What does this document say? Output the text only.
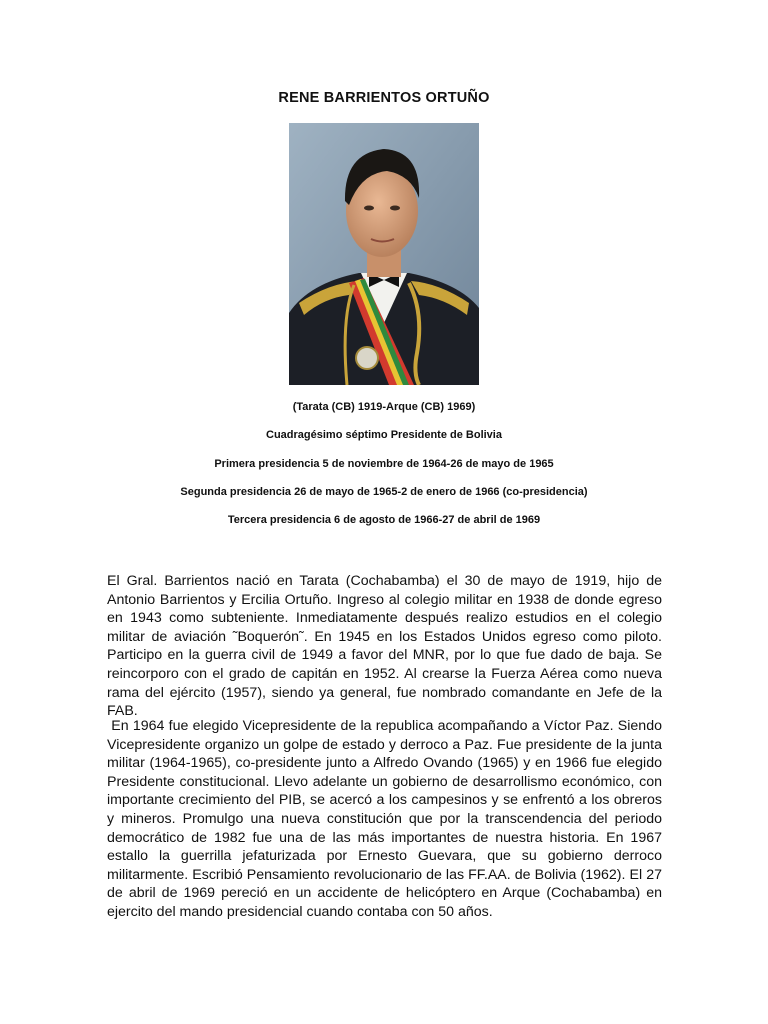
RENE BARRIENTOS ORTUÑO
(Tarata (CB) 1919-Arque (CB) 1969)
Cuadragésimo séptimo Presidente de Bolivia
Primera presidencia 5 de noviembre de 1964-26 de mayo de 1965
Segunda presidencia 26 de mayo de 1965-2 de enero de 1966 (co-presidencia)
Tercera presidencia 6 de agosto de 1966-27 de abril de 1969

El Gral. Barrientos nació en Tarata (Cochabamba) el 30 de mayo de 1919, hijo de Antonio Barrientos y Ercilia Ortuño. Ingreso al colegio militar en 1938 de donde egreso en 1943 como subteniente. Inmediatamente después realizo estudios en el colegio militar de aviación ˜Boquerón˜. En 1945 en los Estados Unidos egreso como piloto. Participo en la guerra civil de 1949 a favor del MNR, por lo que fue dado de baja. Se reincorporo con el grado de capitán en 1952. Al crearse la Fuerza Aérea como nueva rama del ejército (1957), siendo ya general, fue nombrado comandante en Jefe de la FAB.

En 1964 fue elegido Vicepresidente de la republica acompañando a Víctor Paz. Siendo Vicepresidente organizo un golpe de estado y derroco a Paz. Fue presidente de la junta militar (1964-1965), co-presidente junto a Alfredo Ovando (1965) y en 1966 fue elegido Presidente constitucional. Llevo adelante un gobierno de desarrollismo económico, con importante crecimiento del PIB, se acercó a los campesinos y se enfrentó a los obreros y mineros. Promulgo una nueva constitución que por la transcendencia del periodo democrático de 1982 fue una de las más importantes de nuestra historia. En 1967 estallo la guerrilla jefaturizada por Ernesto Guevara, que su gobierno derroco militarmente. Escribió Pensamiento revolucionario de las FF.AA. de Bolivia (1962). El 27 de abril de 1969 pereció en un accidente de helicóptero en Arque (Cochabamba) en ejercito del mando presidencial cuando contaba con 50 años.
